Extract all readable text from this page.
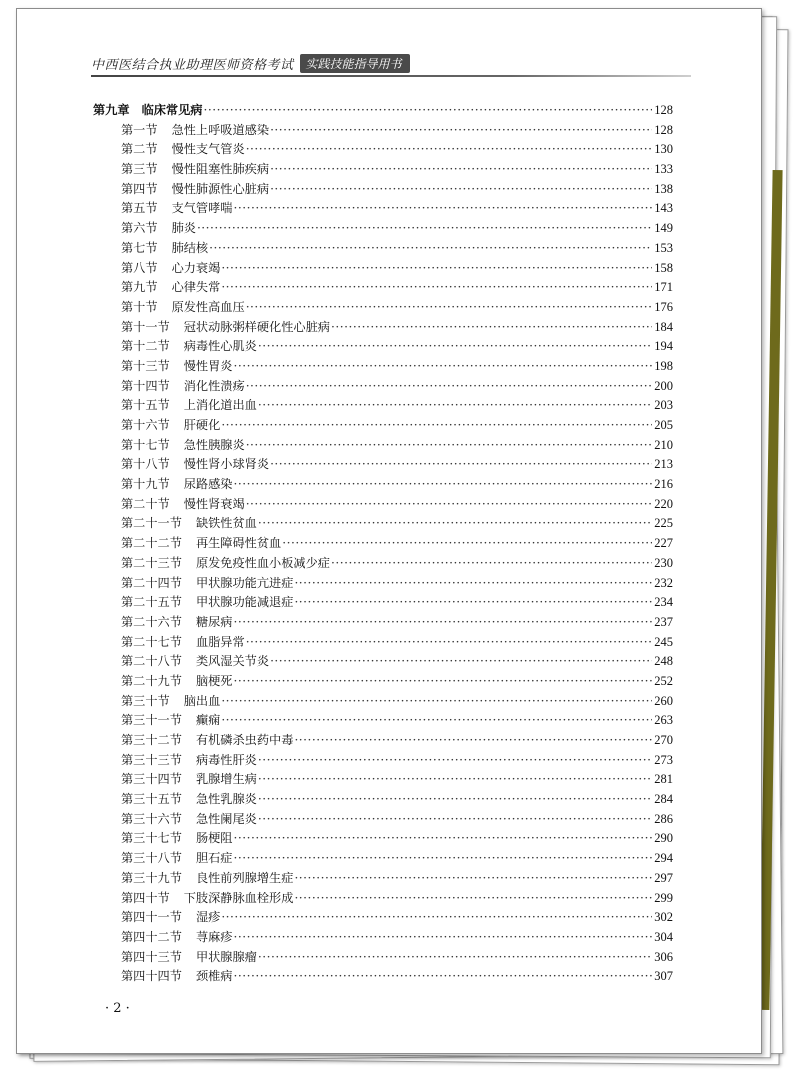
中西医结合执业助理医师资格考试	实践技能指导用书
第九章 临床常见病 ·····	128
第一节 急性上呼吸道感染 ·····	128
第二节 慢性支气管炎 ·····	130
第三节 慢性阻塞性肺疾病 ·····	133
第四节 慢性肺源性心脏病 ·····	138
第五节 支气管哮喘 ·····	143
第六节 肺炎 ·····	149
第七节 肺结核 ·····	153
第八节 心力衰竭 ·····	158
第九节 心律失常 ·····	171
第十节 原发性高血压 ·····	176
第十一节 冠状动脉粥样硬化性心脏病 ·····	184
第十二节 病毒性心肌炎 ·····	194
第十三节 慢性胃炎 ·····	198
第十四节 消化性溃疡 ·····	200
第十五节 上消化道出血 ·····	203
第十六节 肝硬化 ·····	205
第十七节 急性胰腺炎 ·····	210
第十八节 慢性肾小球肾炎 ·····	213
第十九节 尿路感染 ·····	216
第二十节 慢性肾衰竭 ·····	220
第二十一节 缺铁性贫血 ·····	225
第二十二节 再生障碍性贫血 ·····	227
第二十三节 原发免疫性血小板减少症 ·····	230
第二十四节 甲状腺功能亢进症 ·····	232
第二十五节 甲状腺功能减退症 ·····	234
第二十六节 糖尿病 ·····	237
第二十七节 血脂异常 ·····	245
第二十八节 类风湿关节炎 ·····	248
第二十九节 脑梗死 ·····	252
第三十节 脑出血 ·····	260
第三十一节 癫痫 ·····	263
第三十二节 有机磷杀虫药中毒 ·····	270
第三十三节 病毒性肝炎 ·····	273
第三十四节 乳腺增生病 ·····	281
第三十五节 急性乳腺炎 ·····	284
第三十六节 急性阑尾炎 ·····	286
第三十七节 肠梗阻 ·····	290
第三十八节 胆石症 ·····	294
第三十九节 良性前列腺增生症 ·····	297
第四十节 下肢深静脉血栓形成 ·····	299
第四十一节 湿疹 ·····	302
第四十二节 荨麻疹 ·····	304
第四十三节 甲状腺腺瘤 ·····	306
第四十四节 颈椎病 ·····	307
· 2 ·
